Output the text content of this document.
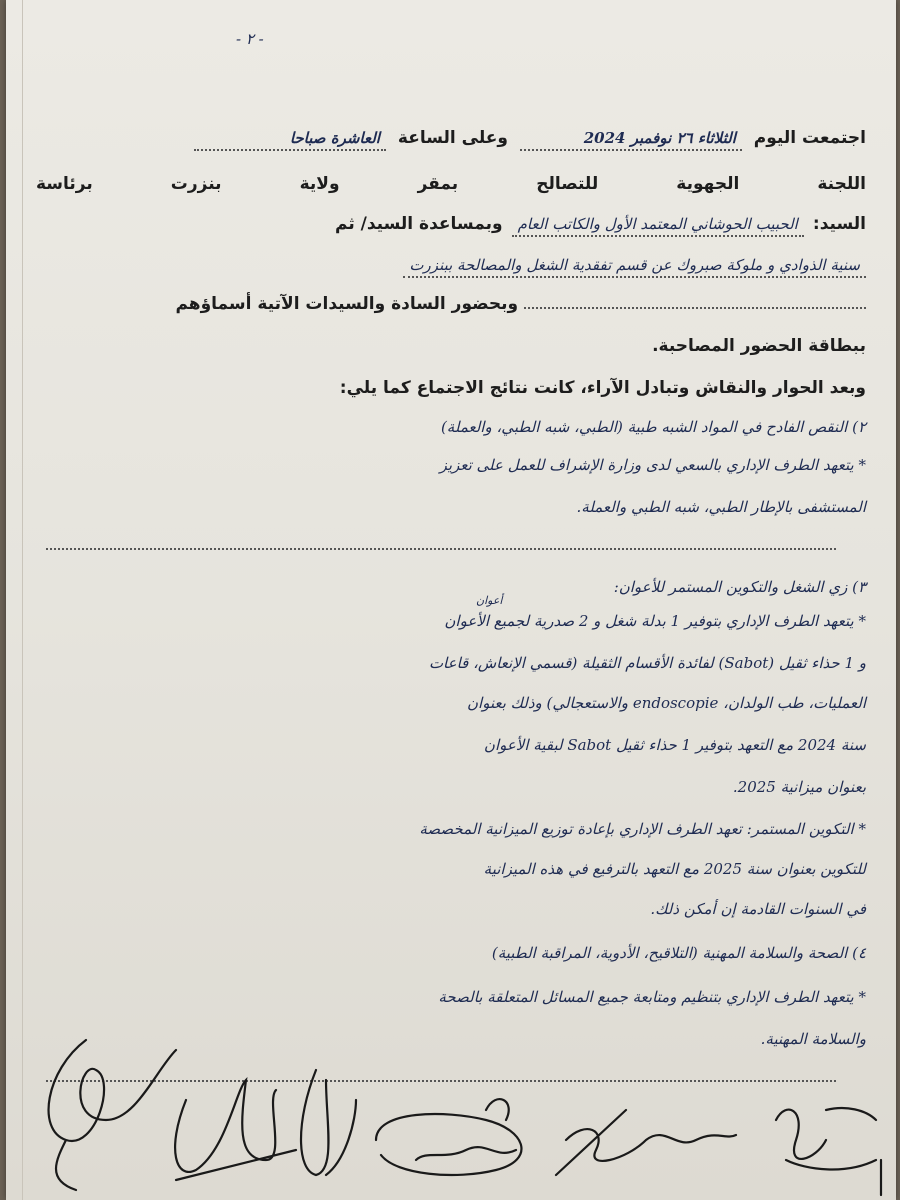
- ٢ -
اجتمعت اليوم الثلاثاء ٢٦ نوفمبر 2024 وعلى الساعة العاشرة صباحا
اللجنة
الجهوية
للتصالح
بمقر
ولاية
بنزرت
برئاسة
السيد: الحبيب الحوشاني المعتمد الأول والكاتب العام وبمساعدة السيد/ ثم
سنية الذوادي و ملوكة صبروك عن قسم تفقدية الشغل والمصالحة ببنزرت
وبحضور السادة والسيدات الآتية أسماؤهم
ببطاقة الحضور المصاحبة.
وبعد الحوار والنقاش وتبادل الآراء، كانت نتائج الاجتماع كما يلي:
٢) النقص الفادح في المواد الشبه طبية (الطبي، شبه الطبي، والعملة)
* يتعهد الطرف الإداري بالسعي لدى وزارة الإشراف للعمل على تعزيز
المستشفى بالإطار الطبي، شبه الطبي والعملة.
٣) زي الشغل والتكوين المستمر للأعوان:
* يتعهد الطرف الإداري بتوفير 1 بدلة شغل و 2 صدرية لجميع الأعوان
أعوان
و 1 حذاء ثقيل (Sabot) لفائدة الأقسام الثقيلة (قسمي الإنعاش، قاعات
العمليات، طب الولدان، endoscopie والاستعجالي) وذلك بعنوان
سنة 2024 مع التعهد بتوفير 1 حذاء ثقيل Sabot لبقية الأعوان
بعنوان ميزانية 2025.
* التكوين المستمر: تعهد الطرف الإداري بإعادة توزيع الميزانية المخصصة
للتكوين بعنوان سنة 2025 مع التعهد بالترفيع في هذه الميزانية
في السنوات القادمة إن أمكن ذلك.
٤) الصحة والسلامة المهنية (التلاقيح، الأدوية، المراقبة الطبية)
* يتعهد الطرف الإداري بتنظيم ومتابعة جميع المسائل المتعلقة بالصحة
والسلامة المهنية.
